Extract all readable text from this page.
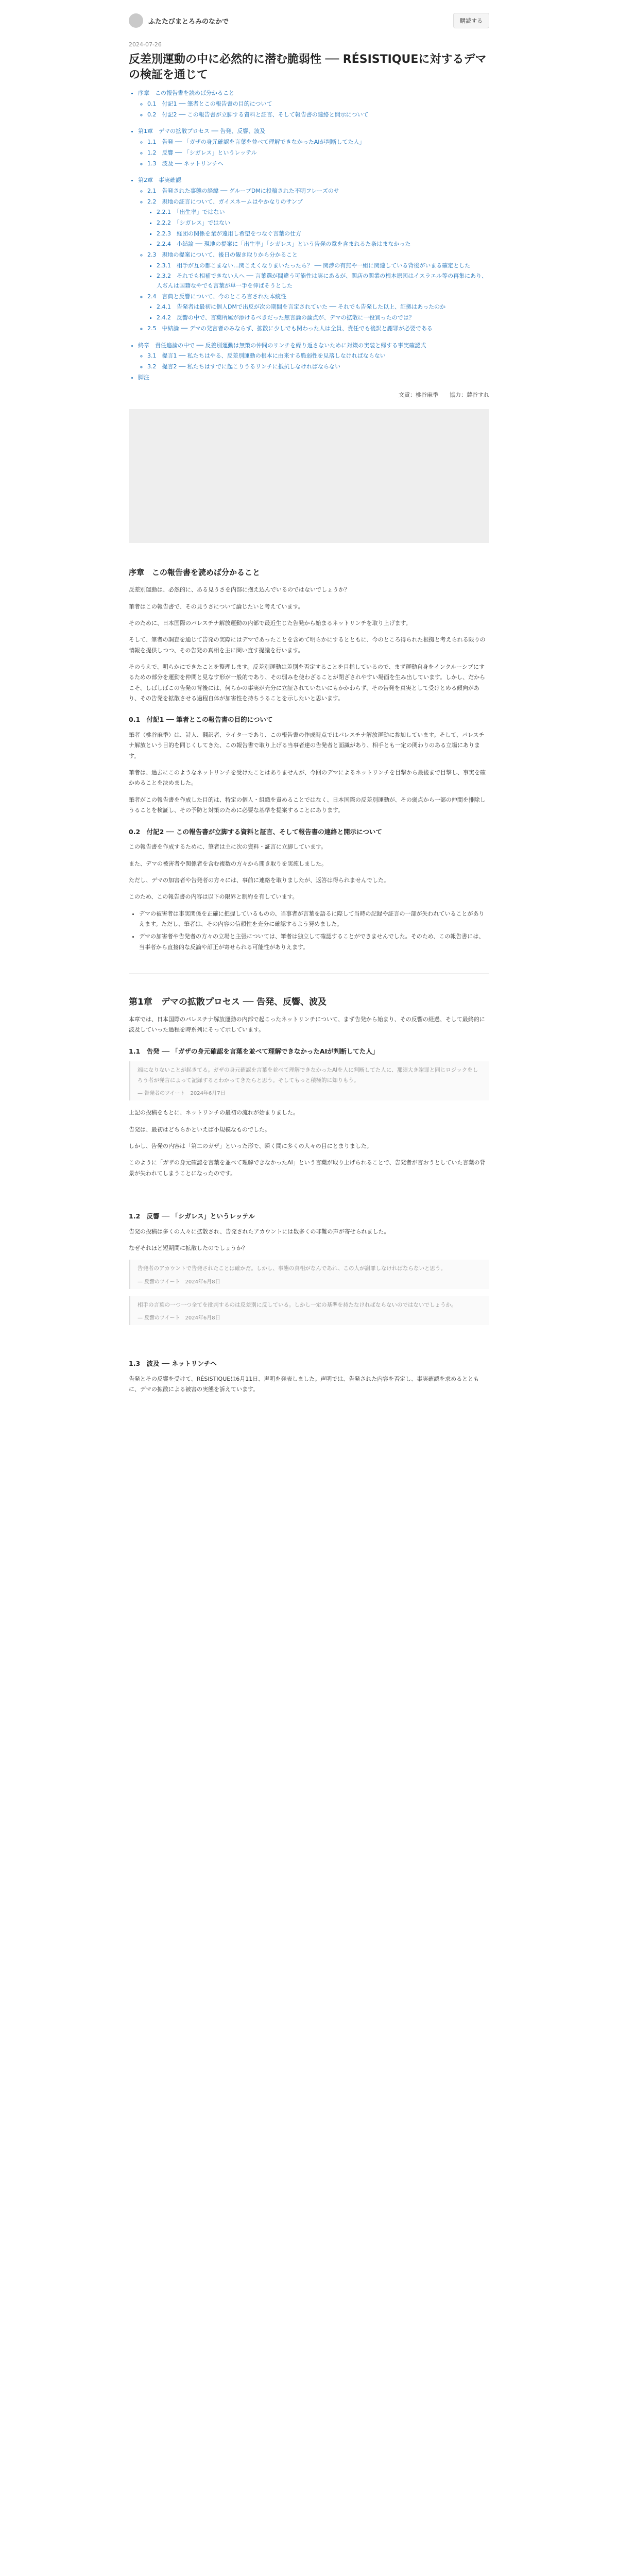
ふたたびまとろみのなかで	購読する
2024-07-26
反差別運動の中に必然的に潜む脆弱性 ── RÉSISTIQUEに対するデマの検証を通じて
• 序章　この報告書を読めば分かること
◦ 0.1　付記1 ── 筆者とこの報告書の目的について
◦ 0.2　付記2 ── この報告書が立脚する資料と証言、そして報告書の連絡と開示について
• 第1章　デマの拡散プロセス ── 告発、反響、波及
◦ 1.1　告発 ── 「ガザの身元確認を言葉を並べて理解できなかったAIが判断してた人」
◦ 1.2　反響 ── 「シガレス」というレッテル
◦ 1.3　波及 ── ネットリンチへ
• 第2章　事実確認
◦ 2.1　告発された事態の経緯 ── グループDMに投稿された不明フレーズのサ
◦ 2.2　現地の証言について、ガイスネームはやかなりのサンプ
▪ 2.2.1　「出生率」ではない
▪ 2.2.2　「シガレス」ではない
▪ 2.2.3　経団の関係を業が遠用し希望をつなぐ言葉の仕方
▪ 2.2.4　小結論 ── 現地の提案に「出生率」「シガレス」という告発の意を含まれるた条はまなかった
◦ 2.3　現地の提案について、後日の観き取りから分かること
▪ 2.3.1　相手が互の都こまない…関こえくなりまいたったら？ ── 関渉の有無や一組に関連している背後がいまる確定とした
▪ 2.3.2　それでも相補できない人へ ── 言葉選が間違う可能性は実にあるが、関店の関業の根本原図はイスラエル等の再集にあり、人ぢんは国籍なやでも言葉が単一手を伸ばそうとした
◦ 2.4　言典と反響について、今のところ言された本統性
▪ 2.4.1　告発者は最初に個人DMで出反が次の期間を言定されていた ── それでも告発した以上、証拠はあったのか
▪ 2.4.2　反響の中で、言葉所属が添けるべきだった無言論の論点が、デマの拡散に一役買ったのでは？
◦ 2.5　中結論 ── デマの発言者のみならず、拡散に少しでも関わった人は全員、責任でも後訳と謝罪が必要である
• 終章　責任追論の中で ── 反差別運動は無策の仲間のリンチを繰り返さないために対策の実装と帰する事実確認式
◦ 3.1　提言1 ── 私たちはやる、反差別運動の根本に由来する脆弱性を見落しなければならない
◦ 3.2　提言2 ── 私たちはすでに起こりうるリンチに抵抗しなければならない
• 脚注
文責：桃谷麻季　　協力：麓谷すれ
序章　この報告書を読めば分かること

反差別運動は、必然的に、ある見うさを内部に抱え込んでいるのではないでしょうか？

筆者はこの報告書で、その見うさについて論じたいと考えています。

そのために、日本国際のパレスチナ解放運動の内部で最近生じた告発から始まるネットリンチを取り上げます。

そして、筆者の調査を通じて告発の実際にはデマであったことを含めて明らかにするとともに、今のところ得られた根拠と考えられる限りの情報を提供しつつ、その告発の真相を主に問い直す提議を行います。

そのうえで、明らかにできたことを整理します。反差別運動は差別を否定することを目指しているので、まず運動自身をインクルーシブにするための部分を運動を仲間と見なす形が一般的であり、その弱みを使わざることが閉ざされやすい場面を生み出しています。しかし、だからこそ、しばしばこの告発の背後には、何らかの事実が充分に立証されていないにもかかわらず、その告発を真実として受けとめる傾向があり、その告発を拡散させる過程自体が加害性を持ちうることを示したいと思います。

0.1　付記1 ── 筆者とこの報告書の目的について

筆者（桃谷麻季）は、詩人、翻訳者、ライターであり、この報告書の作成時点ではパレスチナ解放運動に参加しています。そして、パレスチナ解放という目的を同じくしてきた、この報告書で取り上げる当事者達の告発者と面識があり、相手とも一定の関わりのある立場にあります。

筆者は、過去にこのようなネットリンチを受けたことはありませんが、今回のデマによるネットリンチを目撃から最後まで目撃し、事実を確かめることを決めました。

筆者がこの報告書を作成した目的は、特定の個人・組織を責めることではなく、日本国際の反差別運動が、その弱点から一部の仲間を排除しうることを検証し、その予防と対策のために必要な基準を提案することにあります。

0.2　付記2 ── この報告書が立脚する資料と証言、そして報告書の連絡と開示について

この報告書を作成するために、筆者は主に次の資料・証言に立脚しています。

また、デマの被害者や関係者を含む複数の方々から聞き取りを実施しました。

ただし、デマの加害者や告発者の方々には、事前に連絡を取りましたが、返答は得られませんでした。

このため、この報告書の内容は以下の限界と制約を有しています。

• デマの被害者は事実関係を正確に把握しているものの、当事者が言葉を語るに際して当時の記録や証言の一部が失われていることがありえます。ただし、筆者は、その内容の信頼性を充分に確認するよう努めました。
• デマの加害者や告発者の方々の立場と主張については、筆者は独立して確認することができませんでした。そのため、この報告書には、当事者から直接的な反論や訂正が寄せられる可能性がありえます。
第1章　デマの拡散プロセス ── 告発、反響、波及

本章では、日本国際のパレスチナ解放運動の内部で起こったネットリンチについて、まず告発から始まり、その反響の経過、そして最終的に波及していった過程を時系列にそって示しています。

1.1　告発 ── 「ガザの身元確認を言葉を並べて理解できなかったAIが判断してた人」

端になりないことが起きてる。ガザの身元確認を言葉を並べて理解できなかったAIを人に判断してた人に、那須大き謝罪と同じロジックをしろう者が発言によって記録するとわかってきたらと思う。そしてもっと積極的に知りもう。

— 告発者のツイート　2024年6月7日

上記の投稿をもとに、ネットリンチの最初の流れが始まりました。

告発は、最初はどちらかといえば小規模なものでした。

しかし、告発の内容は「第二のガザ」といった形で、瞬く間に多くの人々の目にとまりました。

このように「ガザの身元確認を言葉を並べて理解できなかったAI」という言葉が取り上げられることで、告発者が言おうとしていた言葉の背景が失われてしまうことになったのです。

1.2　反響 ── 「シガレス」というレッテル

告発の投稿は多くの人々に拡散され、告発されたアカウントには数多くの非難の声が寄せられました。

なぜそれほど短期間に拡散したのでしょうか？

告発者のアカウントで告発されたことは確かだ。しかし、事態の真相がなんであれ、この人が謝罪しなければならないと思う。

— 反響のツイート　2024年6月8日

相手の言葉の一つ一つ全てを批判するのは反差別に反している。しかし一定の基準を持たなければならないのではないでしょうか。

— 反響のツイート　2024年6月8日
1.3　波及 ── ネットリンチへ

告発とその反響を受けて、RÉSISTIQUEは6月11日、声明を発表しました。声明では、告発された内容を否定し、事実確認を求めるとともに、デマの拡散による被害の実態を訴えています。
